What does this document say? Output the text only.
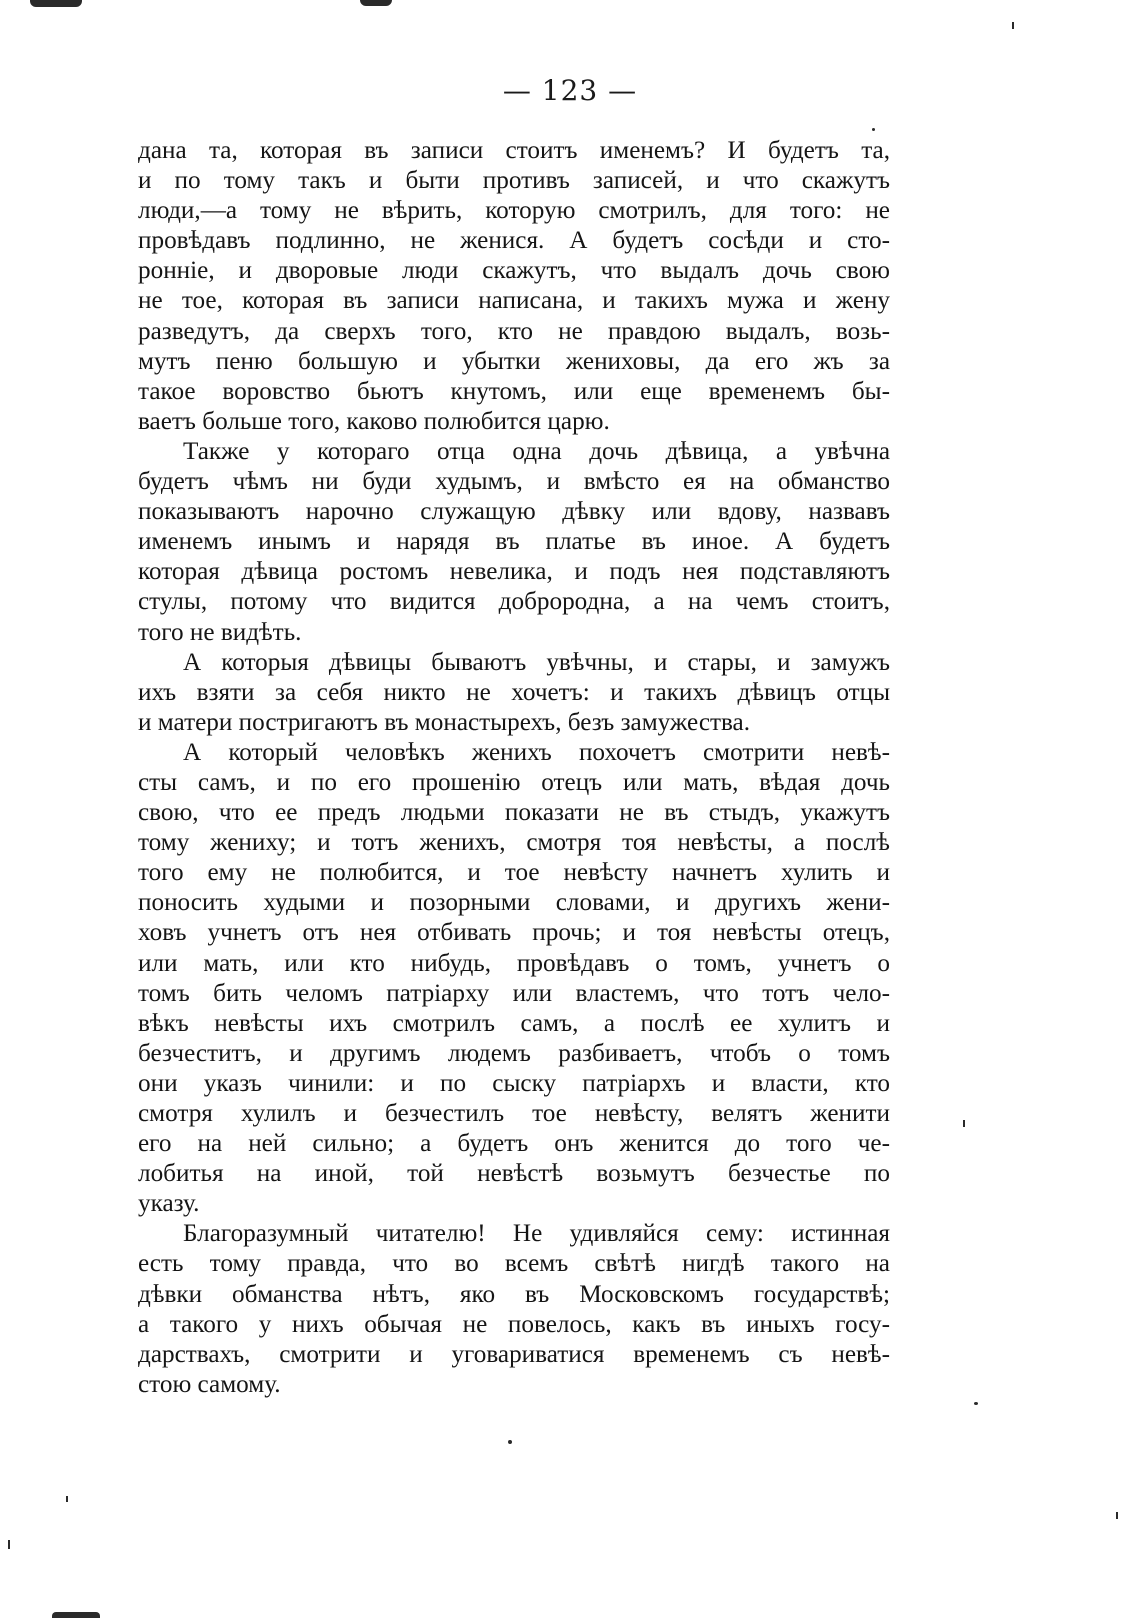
— 123 —
дана та, которая въ записи стоитъ именемъ? И будетъ та,
и по тому такъ и быти противъ записей, и что скажутъ
люди,—а тому не вѣрить, которую смотрилъ, для того: не
провѣдавъ подлинно, не женися. А будетъ сосѣди и сто-
ронніе, и дворовые люди скажутъ, что выдалъ дочь свою
не тое, которая въ записи написана, и такихъ мужа и жену
разведутъ, да сверхъ того, кто не правдою выдалъ, возь-
мутъ пеню большую и убытки жениховы, да его жъ за
такое воровство бьютъ кнутомъ, или еще временемъ бы-
ваетъ больше того, каково полюбится царю.
Также у котораго отца одна дочь дѣвица, а увѣчна
будетъ чѣмъ ни буди худымъ, и вмѣсто ея на обманство
показываютъ нарочно служащую дѣвку или вдову, назвавъ
именемъ инымъ и нарядя въ платье въ иное. А будетъ
которая дѣвица ростомъ невелика, и подъ нея подставляютъ
стулы, потому что видится доброродна, а на чемъ стоитъ,
того не видѣть.
А которыя дѣвицы бываютъ увѣчны, и стары, и замужъ
ихъ взяти за себя никто не хочетъ: и такихъ дѣвицъ отцы
и матери постригаютъ въ монастырехъ, безъ замужества.
А который человѣкъ женихъ похочетъ смотрити невѣ-
сты самъ, и по его прошенію отецъ или мать, вѣдая дочь
свою, что ее предъ людьми показати не въ стыдъ, укажутъ
тому жениху; и тотъ женихъ, смотря тоя невѣсты, а послѣ
того ему не полюбится, и тое невѣсту начнетъ хулить и
поносить худыми и позорными словами, и другихъ жени-
ховъ учнетъ отъ нея отбивать прочь; и тоя невѣсты отецъ,
или мать, или кто нибудь, провѣдавъ о томъ, учнетъ о
томъ бить челомъ патріарху или властемъ, что тотъ чело-
вѣкъ невѣсты ихъ смотрилъ самъ, а послѣ ее хулитъ и
безчеститъ, и другимъ людемъ разбиваетъ, чтобъ о томъ
они указъ чинили: и по сыску патріархъ и власти, кто
смотря хулилъ и безчестилъ тое невѣсту, велятъ женити
его на ней сильно; а будетъ онъ женится до того че-
лобитья на иной, той невѣстѣ возьмутъ безчестье по
указу.
Благоразумный читателю! Не удивляйся сему: истинная
есть тому правда, что во всемъ свѣтѣ нигдѣ такого на
дѣвки обманства нѣтъ, яко въ Московскомъ государствѣ;
а такого у нихъ обычая не повелось, какъ въ иныхъ госу-
дарствахъ, смотрити и уговариватися временемъ съ невѣ-
стою самому.
